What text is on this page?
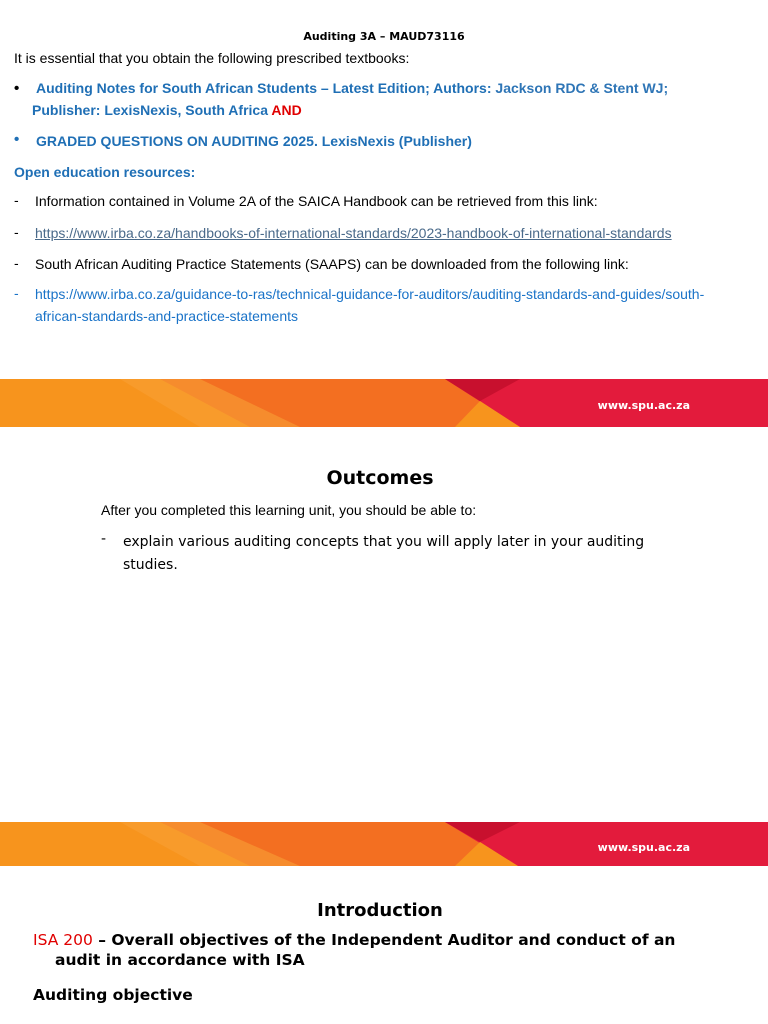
Auditing 3A – MAUD73116
It is essential that you obtain the following prescribed textbooks:
• Auditing Notes for South African Students – Latest Edition; Authors: Jackson RDC & Stent WJ;
Publisher: LexisNexis, South Africa AND
• GRADED QUESTIONS ON AUDITING 2025. LexisNexis (Publisher)
Open education resources:
- Information contained in Volume 2A of the SAICA Handbook can be retrieved from this link:
- https://www.irba.co.za/handbooks-of-international-standards/2023-handbook-of-international-standards
- South African Auditing Practice Statements (SAAPS) can be downloaded from the following link:
- https://www.irba.co.za/guidance-to-ras/technical-guidance-for-auditors/auditing-standards-and-guides/south-african-standards-and-practice-statements
www.spu.ac.za
Outcomes
After you completed this learning unit, you should be able to:
- explain various auditing concepts that you will apply later in your auditing studies.
www.spu.ac.za
Introduction
ISA 200 – Overall objectives of the Independent Auditor and conduct of an
audit in accordance with ISA
Auditing objective
